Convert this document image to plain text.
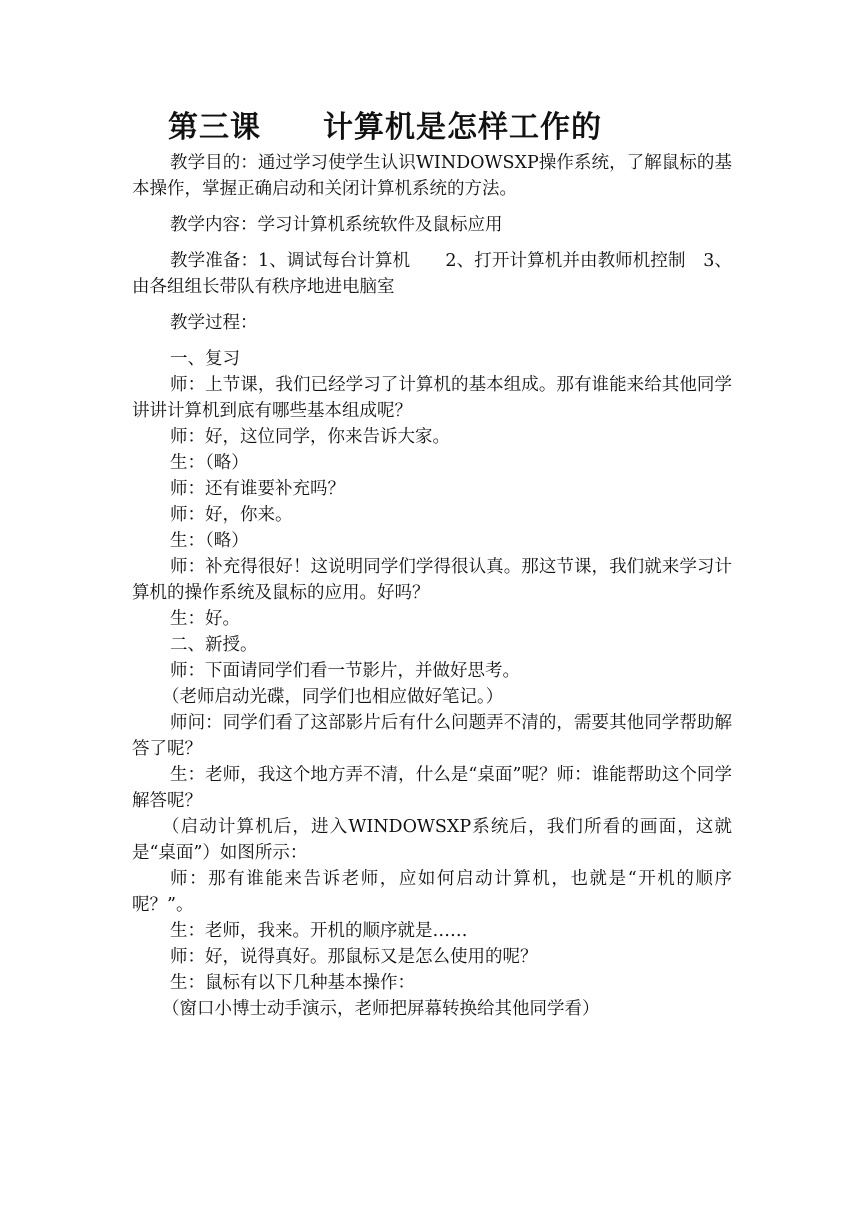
第三课　　计算机是怎样工作的

教学目的：通过学习使学生认识WINDOWSXP操作系统，了解鼠标的基本操作，掌握正确启动和关闭计算机系统的方法。

教学内容：学习计算机系统软件及鼠标应用

教学准备：1、调试每台计算机　　2、打开计算机并由教师机控制　3、由各组组长带队有秩序地进电脑室

教学过程：

一、复习

师：上节课，我们已经学习了计算机的基本组成。那有谁能来给其他同学讲讲计算机到底有哪些基本组成呢？

师：好，这位同学，你来告诉大家。

生：（略）

师：还有谁要补充吗？

师：好，你来。

生：（略）

师：补充得很好！这说明同学们学得很认真。那这节课，我们就来学习计算机的操作系统及鼠标的应用。好吗？

生：好。

二、新授。

师：下面请同学们看一节影片，并做好思考。

（老师启动光碟，同学们也相应做好笔记。）

师问：同学们看了这部影片后有什么问题弄不清的，需要其他同学帮助解答了呢？

生：老师，我这个地方弄不清，什么是“桌面”呢？师：谁能帮助这个同学解答呢？

（启动计算机后，进入WINDOWSXP系统后，我们所看的画面，这就是“桌面”）如图所示：

师：那有谁能来告诉老师，应如何启动计算机，也就是“开机的顺序呢？”。

生：老师，我来。开机的顺序就是……

师：好，说得真好。那鼠标又是怎么使用的呢？

生：鼠标有以下几种基本操作：

（窗口小博士动手演示，老师把屏幕转换给其他同学看）
